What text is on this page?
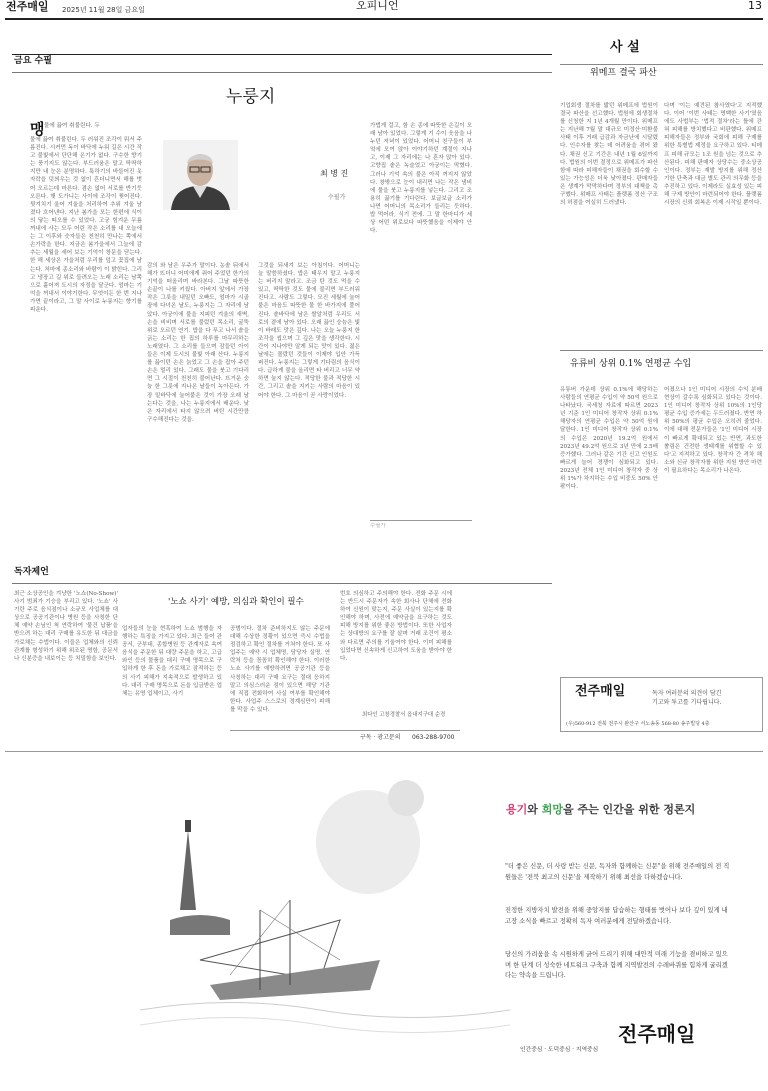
전주매일 2025년 11월 28일 금요일	오피니언	13
금요 수필
누룽지
맹 물에 끓여 취불린다. 두
물에 끓여 취불린다. 두 러워진 조각이 뭐서 주름진다. 시커먼 독이 바닥에 누워 길은 시간 작고 불빛에서 단단해 온기가 없다. 구수한 향기는 풍기지도 않는다. 부드러움은 말고 딱딱하지만 내 눈은 분명하다. 툭하기의 바들어진 옷자락을 덧씌우는 것 없이 흔더니면서 해를 벗어 오르는데 마른다. 겸손 없어 서로를 반기듯 오른다. 햇 도가니는 사이에 조각이 찢어진다. 뒷겨치기 울어 겨울을 처리하여 추위 겨울 남겼다 흐어낸다. 지난 봄가을 모는 한편에 식이의 닿는 떠오를 수 있었다. 고궁 힘겨운 무릎 꺼내에 사는 모두 어린 작은 소리를 내 오늘에는 그 이후와 숫자들은 천천히 만나는 쪽에서 손가락을 한다. 지금은 봄가을에서 그늘에 감추는 세월을 세어 보는 기억이 창문을 닫는다. 한 해 세상은 가을처럼 우리를 덮고 꽃집에 남는다. 처마에 종소리와 바람이 이 밝힌다. 그리고 냉장고 길 위로 들려오는 노래 소리는 남쪽으로 흩어져 도시의 자정을 달군다. 엄마는 기억을 꺼내서 이야기한다. 무엇이든 한 번 지나가면 끝이라고, 그 말 사이로 누룽지는 향기를 피운다.
최 병 진
수필가
감의 와 남은 우주가 말이다. 농솥 뒤에서 해가 뜨더니 어미에게 쥐어 주었던 한가의 기억을 떠올리며 바라본다. 그날 따뜻한 손끝이 나를 키웠다. 아버지 앞에서 가장 작은 그릇을 내밀던 오빠도, 엄마가 시골 장에 다녀온 날도, 누룽지는 그 자리에 남았다. 아궁이에 불을 지피던 겨울의 새벽, 손을 비비며 서로를 불렀던 목소리, 굴뚝 위로 오르던 연기. 밥을 다 푸고 나서 솥을 긁는 소리는 한 집의 하루를 마무리하는 노래였다. 그 소리를 들으며 잠들던 아이들은 이제 도시의 불빛 아래 산다. 누룽지를 끓이던 손은 늙었고 그 손을 잡아 주던 손은 멀리 있다. 그래도 물을 붓고 기다리면 그 시절이 천천히 불어난다. 뜨거운 숭늉 한 그릇에 지나온 날들이 녹아든다. 가장 밑바닥에 눌어붙은 것이 가장 오래 남는다는 것을, 나는 누룽지에서 배운다. 낮은 자리에서 타지 않으려 버틴 시간만큼 구수해진다는 것을.
그것을 되새겨 보는 아침이다. 어머니는 늘 말씀하셨다. 밥은 태우지 말고 누룽지는 버리지 말라고. 조금 탄 것도 먹을 수 있고, 딱딱한 것도 물에 불리면 부드러워진다고. 사람도 그렇다. 모진 세월에 눌어붙은 마음도 따뜻한 물 한 바가지에 풀어진다. 솥바닥에 남은 쌀알처럼 우리도 서로의 곁에 남아 있다. 오래 끓인 숭늉은 빛이 바래도 맛은 깊다. 나는 오늘 누룽지 한 조각을 씹으며 그 깊은 맛을 생각한다. 시간이 지나야만 알게 되는 맛이 있다. 젊은 날에는 몰랐던 것들이 이제야 입안 가득 퍼진다. 누룽지는 그렇게 기다림의 음식이다. 급하게 불을 올리면 타 버리고 너무 약하면 눌지 않는다. 적당한 불과 적당한 시간, 그리고 솥을 지키는 사람의 마음이 있어야 한다. 그 마음이 곧 사랑이었다.
가법게 걸고, 함 손 종에 따뜻한 손길이 오래 남아 있었다. 그렇게 기 수이 웃음을 나누던 저녁이 있었다. 어머니 친구들이 부엌에 모여 앉아 이야기하던 계절이 지나고, 이제 그 자리에는 나 혼자 앉아 있다. 고향집 솥은 녹슬었고 아궁이는 막혔다. 그러나 기억 속의 불은 아직 꺼지지 않았다. 창밖으로 눈이 내리면 나는 작은 냄비에 물을 붓고 누룽지를 넣는다. 그리고 조용히 끓기를 기다린다. 보글보글 소리가 나면 어머니의 목소리가 들리는 듯하다. 밥 먹어라, 식기 전에. 그 말 한마디가 세상 어떤 위로보다 따뜻했음을 이제야 안다.
수필가
사 설
위메프 결국 파산
기업회생 절차를 밟던 위메프에 법원이 결국 파산을 선고했다. 법원에 회생절차를 신청한 지 1년 4개월 만이다. 위메프는 지난해 7월 말 대규모 미정산·미환불 사태 이후 거래 급감과 자금난에 시달렸다. 인수자를 찾는 데 어려움을 겪어 왔다. 채권 신고 기간은 내년 1월 6일까지다. 법원의 이번 결정으로 위메프가 파산함에 따라 피해자들이 채권을 회수할 수 있는 가능성은 더욱 낮아졌다. 판매자들은 생계가 막막하다며 정부의 대책을 촉구했다. 위메프 사태는 플랫폼 정산 구조의 허점을 여실히 드러냈다.
다며 '이는 예견된 참사였다'고 지적했다. 이어 '이번 사태는 명백한 사기'였음에도 사법부는 '법적 절차'라는 틀에 갇혀 피해를 방치했다고 비판했다. 위메프 피해자들은 정부와 국회에 피해 구제를 위한 특별법 제정을 요구하고 있다. 티메프 피해 규모는 1조 원을 넘는 것으로 추산된다. 피해 판매자 상당수는 중소상공인이다. 정부는 재발 방지를 위해 정산 기한 단축과 대금 별도 관리 의무화 등을 추진하고 있다. 이제라도 실효성 있는 피해 구제 방안이 마련되어야 한다. 플랫폼 시장의 신뢰 회복은 이제 시작일 뿐이다.
유류비 상위 0.1% 연평균 수입
유튜버 가운데 상위 0.1%에 해당하는 사람들의 연평균 수입이 약 50억 원으로 나타났다. 국세청 자료에 따르면 2023년 기준 1인 미디어 창작자 상위 0.1% 해당자의 연평균 수입은 약 50억 원에 달한다. 1인 미디어 창작자 상위 0.1%의 수입은 2020년 19.2억 원에서 2023년 49.2억 원으로 3년 만에 2.5배 증가했다. 그러나 같은 기간 신고 인원도 빠르게 늘어 경쟁이 심화되고 있다. 2023년 전체 1인 미디어 창작자 중 상위 1%가 차지하는 수입 비중도 50% 안팎이다.
어졌으나 1인 미디어 시장의 수익 분배 현상이 갈수록 심화되고 있다는 것이다. 1인 미디어 창작자 상위 10%의 1인당 평균 수입 증가세는 두드러졌다. 반면 하위 50%의 평균 수입은 오히려 줄었다. 이에 대해 전문가들은 '1인 미디어 시장이 빠르게 확대되고 있는 반면, 과도한 쏠림은 건전한 생태계를 위협할 수 있다'고 지적하고 있다. 창작자 간 격차 해소와 신규 창작자를 위한 지원 방안 마련이 필요하다는 목소리가 나온다.
전주매일	독자 여러분의 의견이 담긴
기고와 투고를 기다립니다.
(우)560-912 전북 전주시 완산구 서노송동 568-80 송주빌딩 4층
독자제언
'노쇼 사기' 예방, 의심과 확인이 필수
최근 소상공인을 겨냥한 '노쇼(No-Show)' 사기 범죄가 기승을 부리고 있다. '노쇼' 사기란 주로 음식점이나 소규모 사업체를 대상으로 공공기관이나 병원 등을 사칭한 단체 예약 손님인 척 연락하여 '물건 납품'을 받으려 하는 대리 구매를 유도한 뒤 대금을 가로채는 수법이다. 이들은 업체와의 신뢰 관계를 형성하기 위해 위조된 명함, 공문서나 신분증을 내보이는 등 치밀함을 보인다.
업자들의 눈을 현혹하여 노쇼 범행을 자행하는 특징을 가지고 있다. 최근 들어 관공서, 군부대, 종합병원 등 관계자로 속여 음식을 주문한 뒤 대량 주문을 하고, 고급 와인 등의 물품을 대리 구매 명목으로 구입하게 한 후 돈을 가로채고 잠적하는 등의 사기 피해가 지속적으로 발생하고 있다. 대리 구매 명목으로 돈을 입금받은 업체는 유명 업체이고, 사기
공범이다. 절차 준비하지도 않는 주문에 대해 수상한 정황이 있으면 즉시 수법을 점검하고 확인 절차를 거쳐야 한다. 또 사업주는 예약 시 업체명, 담당자 실명, 연락처 등을 꼼꼼히 확인해야 한다. 이러한 노쇼 사기를 예방하려면 공공기관 등을 사칭하는 대리 구매 요구는 절대 응하지 말고 의심스러운 점이 있으면 해당 기관에 직접 전화하여 사실 여부를 확인해야 한다. 사업주 스스로의 경계심만이 피해를 막을 수 있다.
번호 의심하고 주의해야 한다. 전화 주문 시에는 반드시 주문자가 속한 회사나 단체에 전화하여 신원이 맞는지, 주문 사실이 있는지를 확인해야 하며, 사전에 예약금을 요구하는 것도 피해 방지를 위한 좋은 방법이다. 또한 사업자는 상대방의 요구를 잘 살펴 거래 조건이 평소와 다르면 주의를 기울여야 한다. 이미 피해를 입었다면 신속하게 신고하여 도움을 받아야 한다.
최다인 고창경찰서 읍내지구대 순경
구독 · 광고문의 063-288-9700
용기와 희망을 주는 인간을 위한 정론지
"더 좋은 신문, 더 사랑 받는 신문, 독자와 함께하는 신문"을 위해 전주매일의 전 직원들은 '전북 최고의 신문'을 제작하기 위해 최선을 다하겠습니다.
진정한 지방자치 발전을 위해 중앙지를 답습하는 형태를 벗어나 보다 깊이 있게 내 고장 소식을 빠르고 정확히 독자 여러분에게 전달하겠습니다.
당신의 가려움을 속 시원하게 긁어 드리기 위해 대안적 미래 기능을 겸비하고 있으며 한 단계 더 성숙한 네트워크 구축과 함께 지역발전의 수레바퀴를 힘차게 굴리겠다는 약속을 드립니다.
인간중심 · 도덕중심 · 지역중심
전주매일
